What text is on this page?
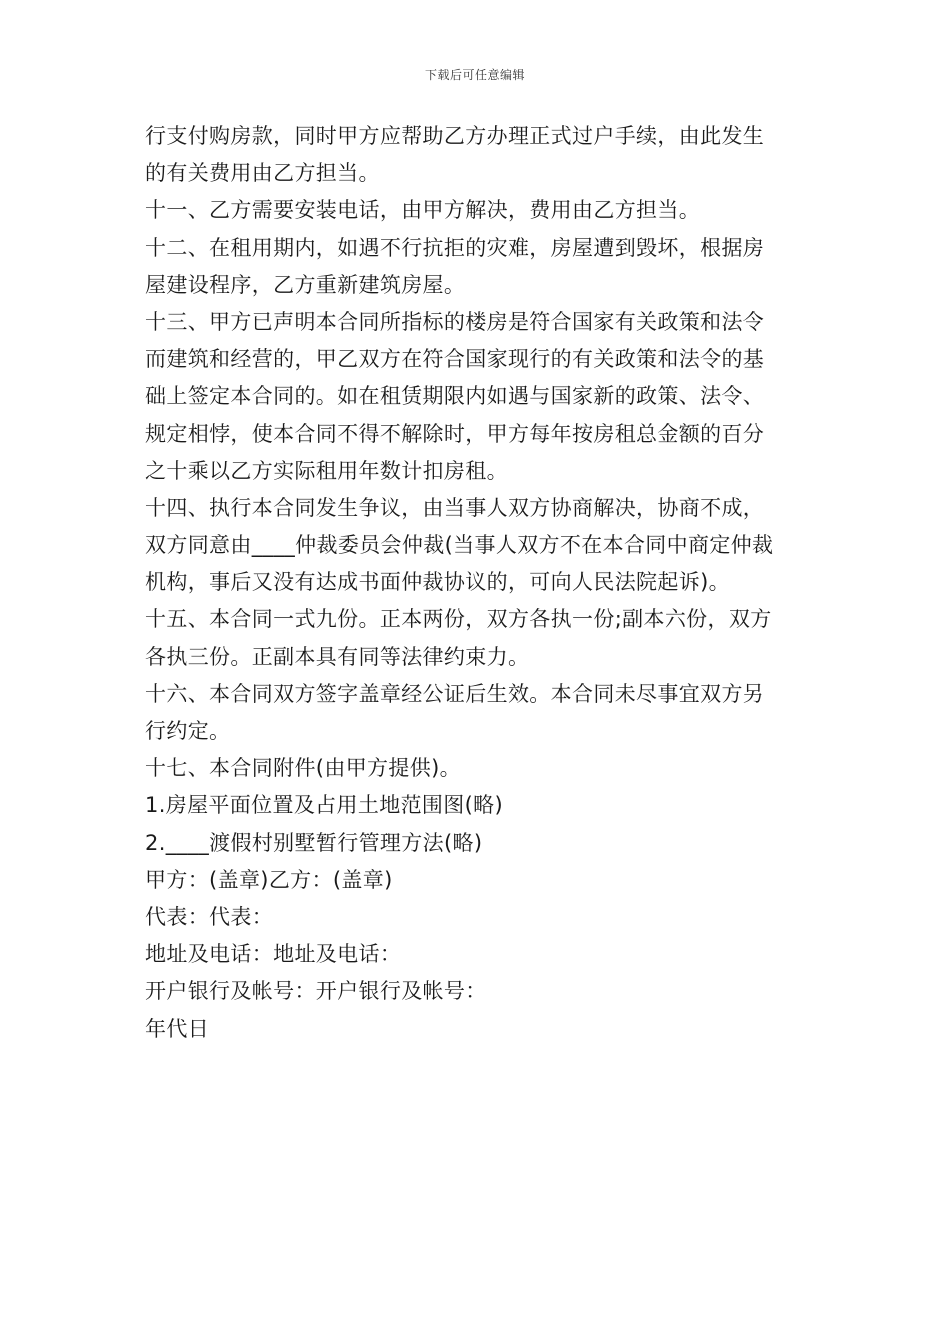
下载后可任意编辑
行支付购房款，同时甲方应帮助乙方办理正式过户手续，由此发生
的有关费用由乙方担当。
十一、乙方需要安装电话，由甲方解决，费用由乙方担当。
十二、在租用期内，如遇不行抗拒的灾难，房屋遭到毁坏，根据房
屋建设程序，乙方重新建筑房屋。
十三、甲方已声明本合同所指标的楼房是符合国家有关政策和法令
而建筑和经营的，甲乙双方在符合国家现行的有关政策和法令的基
础上签定本合同的。如在租赁期限内如遇与国家新的政策、法令、
规定相悖，使本合同不得不解除时，甲方每年按房租总金额的百分
之十乘以乙方实际租用年数计扣房租。
十四、执行本合同发生争议，由当事人双方协商解决，协商不成，
双方同意由____仲裁委员会仲裁(当事人双方不在本合同中商定仲裁
机构，事后又没有达成书面仲裁协议的，可向人民法院起诉)。
十五、本合同一式九份。正本两份，双方各执一份;副本六份，双方
各执三份。正副本具有同等法律约束力。
十六、本合同双方签字盖章经公证后生效。本合同未尽事宜双方另
行约定。
十七、本合同附件(由甲方提供)。
1.房屋平面位置及占用土地范围图(略)
2.____渡假村别墅暂行管理方法(略)
甲方：(盖章)乙方：(盖章)
代表：代表：
地址及电话：地址及电话：
开户银行及帐号：开户银行及帐号：
年代日
